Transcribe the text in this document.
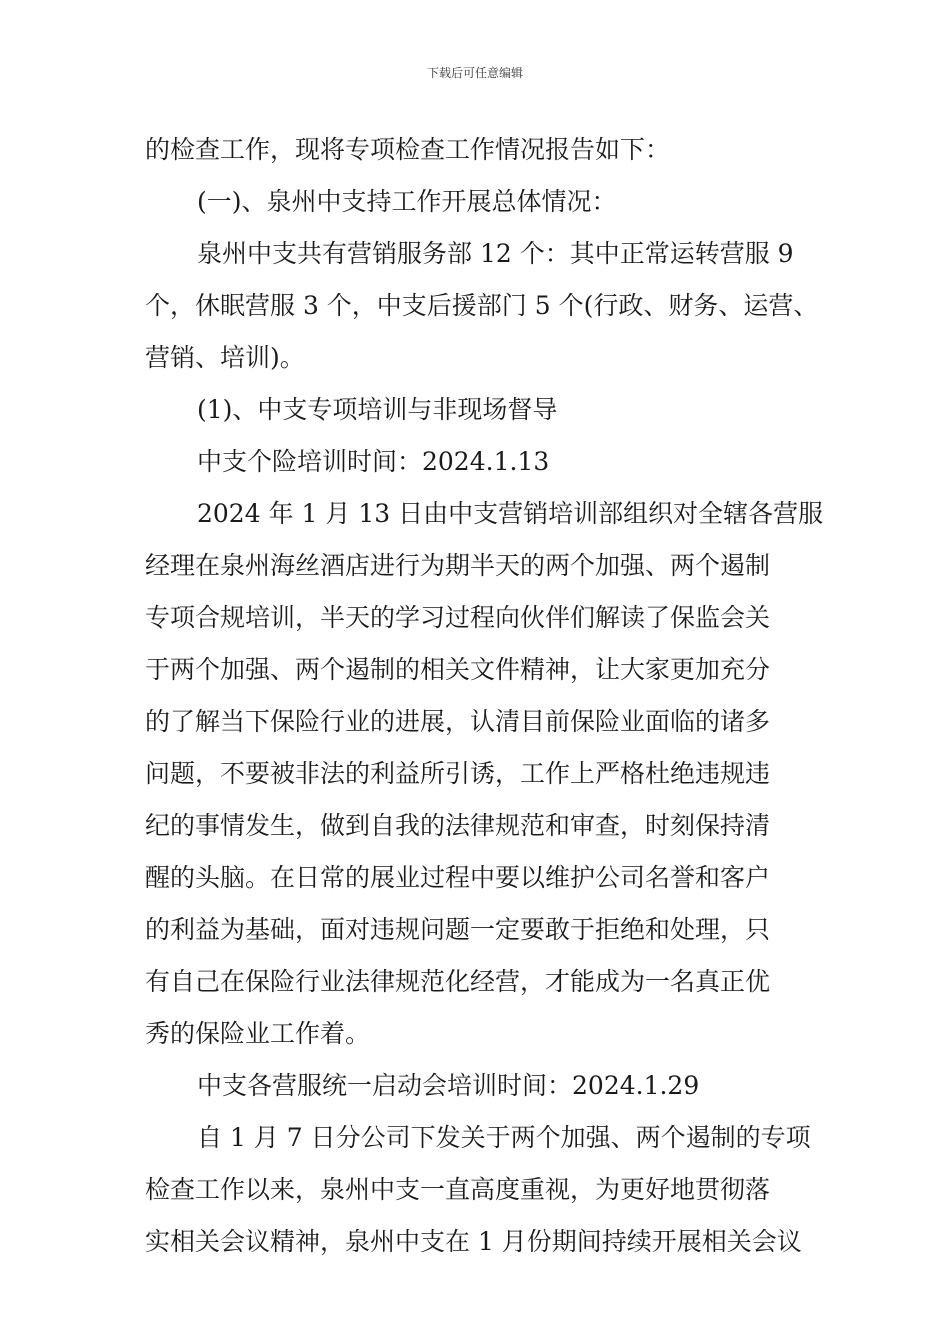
下载后可任意编辑
的检查工作，现将专项检查工作情况报告如下：
(一)、泉州中支持工作开展总体情况：
泉州中支共有营销服务部 12 个：其中正常运转营服 9
个，休眠营服 3 个，中支后援部门 5 个(行政、财务、运营、
营销、培训)。
(1)、中支专项培训与非现场督导
中支个险培训时间：2024.1.13
2024 年 1 月 13 日由中支营销培训部组织对全辖各营服
经理在泉州海丝酒店进行为期半天的两个加强、两个遏制
专项合规培训，半天的学习过程向伙伴们解读了保监会关
于两个加强、两个遏制的相关文件精神，让大家更加充分
的了解当下保险行业的进展，认清目前保险业面临的诸多
问题，不要被非法的利益所引诱，工作上严格杜绝违规违
纪的事情发生，做到自我的法律规范和审查，时刻保持清
醒的头脑。在日常的展业过程中要以维护公司名誉和客户
的利益为基础，面对违规问题一定要敢于拒绝和处理，只
有自己在保险行业法律规范化经营，才能成为一名真正优
秀的保险业工作着。
中支各营服统一启动会培训时间：2024.1.29
自 1 月 7 日分公司下发关于两个加强、两个遏制的专项
检查工作以来，泉州中支一直高度重视，为更好地贯彻落
实相关会议精神，泉州中支在 1 月份期间持续开展相关会议
